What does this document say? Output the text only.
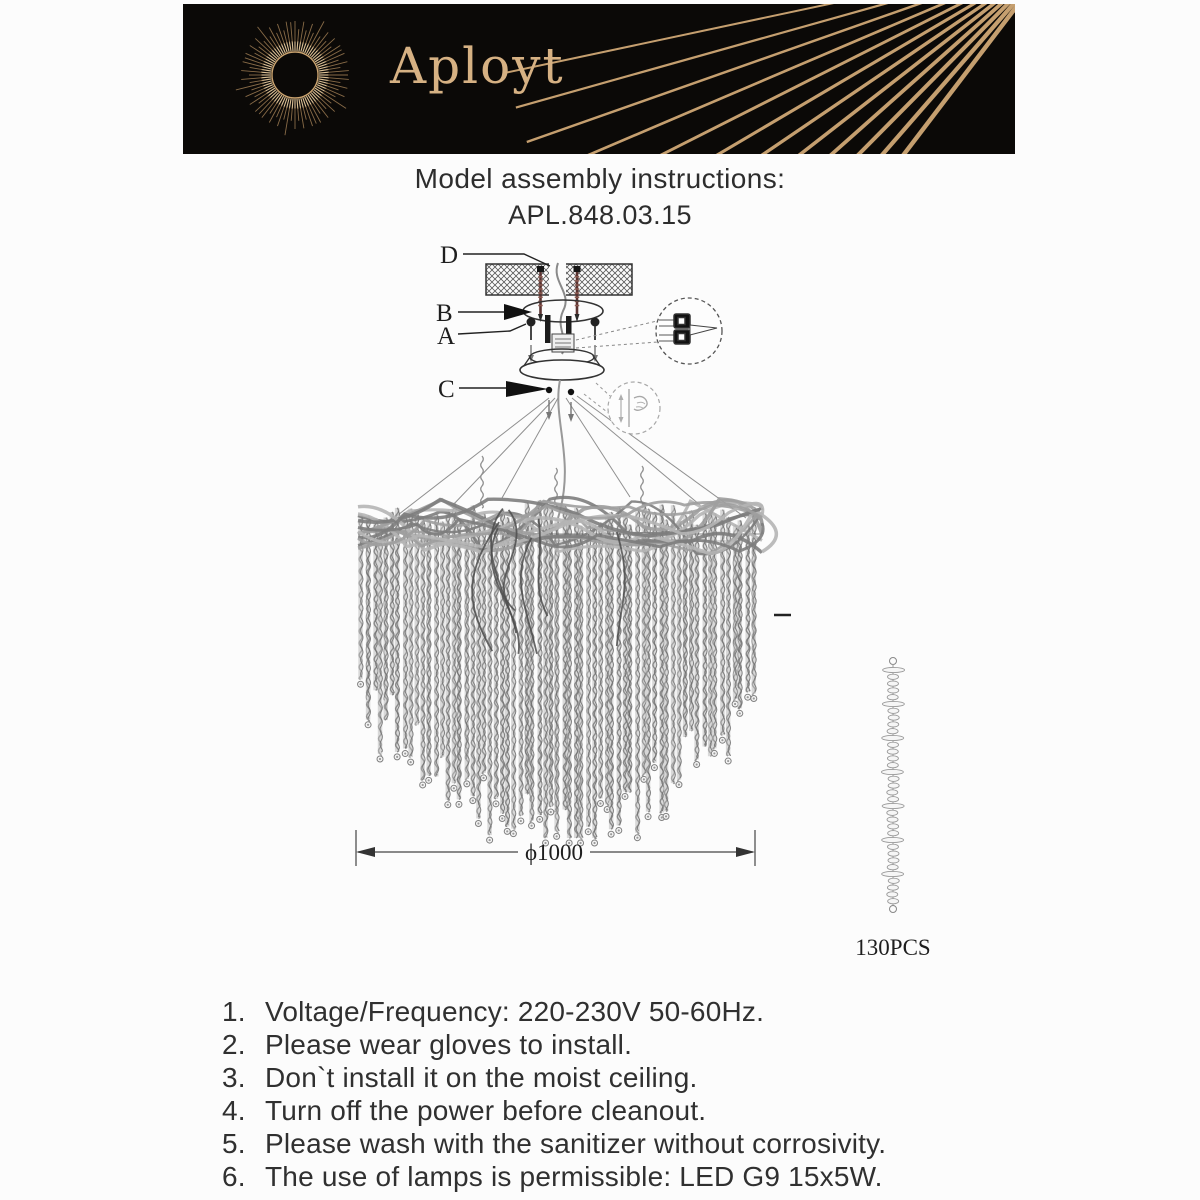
Aployt
Model assembly instructions:
APL.848.03.15
ϕ1000
130PCS
D
B
A
C
1. Voltage/Frequency: 220-230V 50-60Hz.
2. Please wear gloves to install.
3. Don`t install it on the moist ceiling.
4. Turn off the power before cleanout.
5. Please wash with the sanitizer without corrosivity.
6. The use of lamps is permissible: LED G9 15x5W.
